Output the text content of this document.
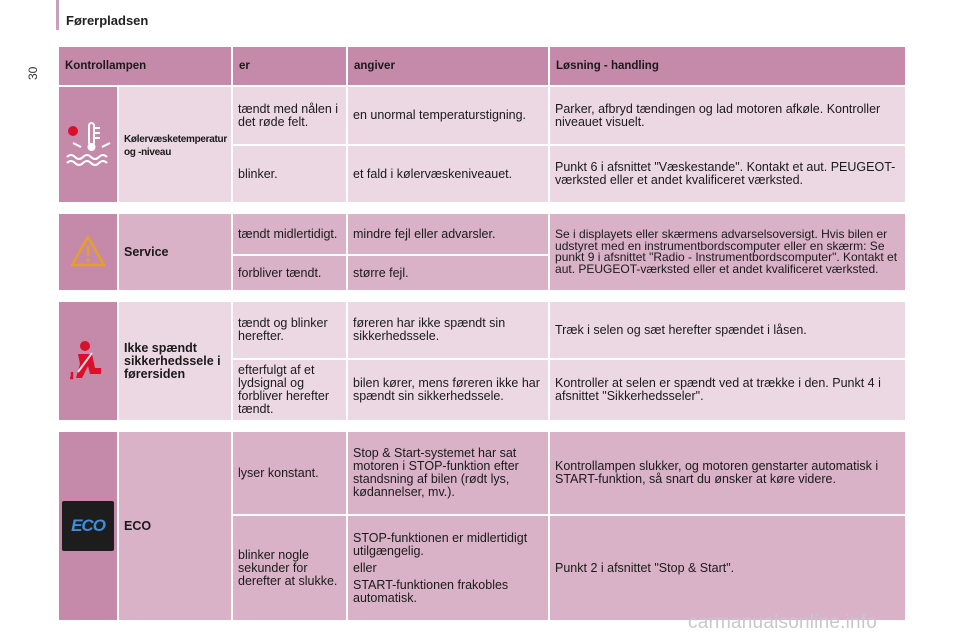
Førerpladsen
30
Kontrollampen		er	angiver	Løsning - handling
	Kølervæsketemperatur og -niveau	tændt med nålen i det røde felt.	en unormal temperaturstigning.	Parker, afbryd tændingen og lad motoren afkøle. Kontroller niveauet visuelt.
		blinker.	et fald i kølervæskeniveauet.	Punkt 6 i afsnittet "Væskestande". Kontakt et aut. PEUGEOT-værksted eller et andet kvalificeret værksted.

	Service	tændt midlertidigt.	mindre fejl eller advarsler.	Se i displayets eller skærmens advarselsoversigt. Hvis bilen er udstyret med en instrumentbordscomputer eller en skærm: Se punkt 9 i afsnittet "Radio - Instrumentbordscomputer". Kontakt et aut. PEUGEOT-værksted eller et andet kvalificeret værksted.
		forbliver tændt.	større fejl.	

	Ikke spændt sikkerhedssele i førersiden	tændt og blinker herefter.	føreren har ikke spændt sin sikkerhedssele.	Træk i selen og sæt herefter spændet i låsen.
		efterfulgt af et lydsignal og forbliver herefter tændt.	bilen kører, mens føreren ikke har spændt sin sikkerhedssele.	Kontroller at selen er spændt ved at trække i den. Punkt 4 i afsnittet "Sikkerhedsseler".

ECO	ECO	lyser konstant.	Stop & Start-systemet har sat motoren i STOP-funktion efter standsning af bilen (rødt lys, kødannelser, mv.).	Kontrollampen slukker, og motoren genstarter automatisk i START-funktion, så snart du ønsker at køre videre.
		blinker nogle sekunder for derefter at slukke.	STOP-funktionen er midlertidigt utilgængelig.
eller
START-funktionen frakobles automatisk.	Punkt 2 i afsnittet "Stop & Start".
carmanualsonline.info
